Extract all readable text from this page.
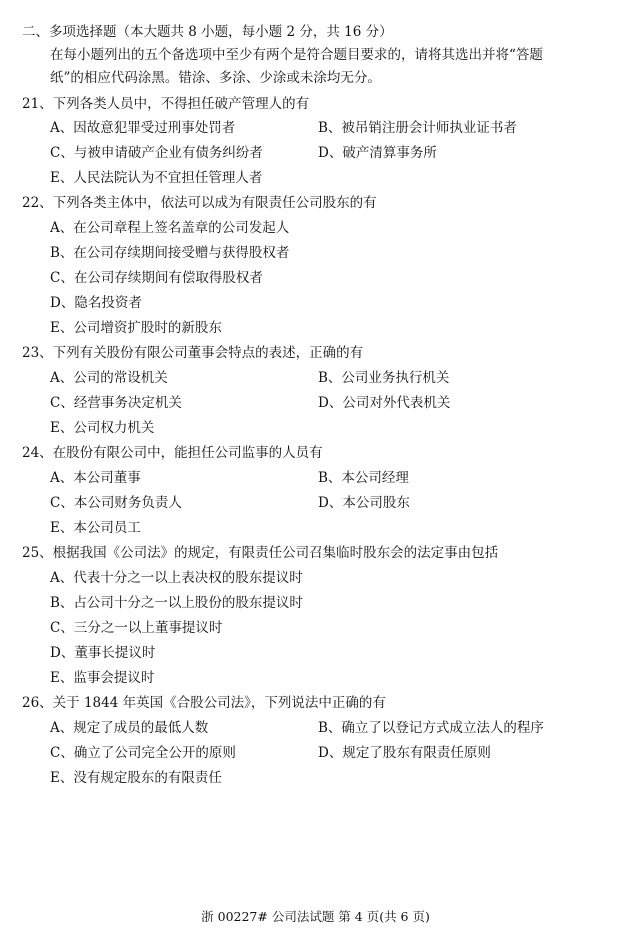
二、多项选择题（本大题共 8 小题，每小题 2 分，共 16 分）
在每小题列出的五个备选项中至少有两个是符合题目要求的，请将其选出并将“答题
纸”的相应代码涂黑。错涂、多涂、少涂或未涂均无分。
21、下列各类人员中，不得担任破产管理人的有
A、因故意犯罪受过刑事处罚者	B、被吊销注册会计师执业证书者
C、与被申请破产企业有债务纠纷者	D、破产清算事务所
E、人民法院认为不宜担任管理人者
22、下列各类主体中，依法可以成为有限责任公司股东的有
A、在公司章程上签名盖章的公司发起人
B、在公司存续期间接受赠与获得股权者
C、在公司存续期间有偿取得股权者
D、隐名投资者
E、公司增资扩股时的新股东
23、下列有关股份有限公司董事会特点的表述，正确的有
A、公司的常设机关	B、公司业务执行机关
C、经营事务决定机关	D、公司对外代表机关
E、公司权力机关
24、在股份有限公司中，能担任公司监事的人员有
A、本公司董事	B、本公司经理
C、本公司财务负责人	D、本公司股东
E、本公司员工
25、根据我国《公司法》的规定，有限责任公司召集临时股东会的法定事由包括
A、代表十分之一以上表决权的股东提议时
B、占公司十分之一以上股份的股东提议时
C、三分之一以上董事提议时
D、董事长提议时
E、监事会提议时
26、关于 1844 年英国《合股公司法》，下列说法中正确的有
A、规定了成员的最低人数	B、确立了以登记方式成立法人的程序
C、确立了公司完全公开的原则	D、规定了股东有限责任原则
E、没有规定股东的有限责任
浙 00227# 公司法试题 第 4 页(共 6 页)
